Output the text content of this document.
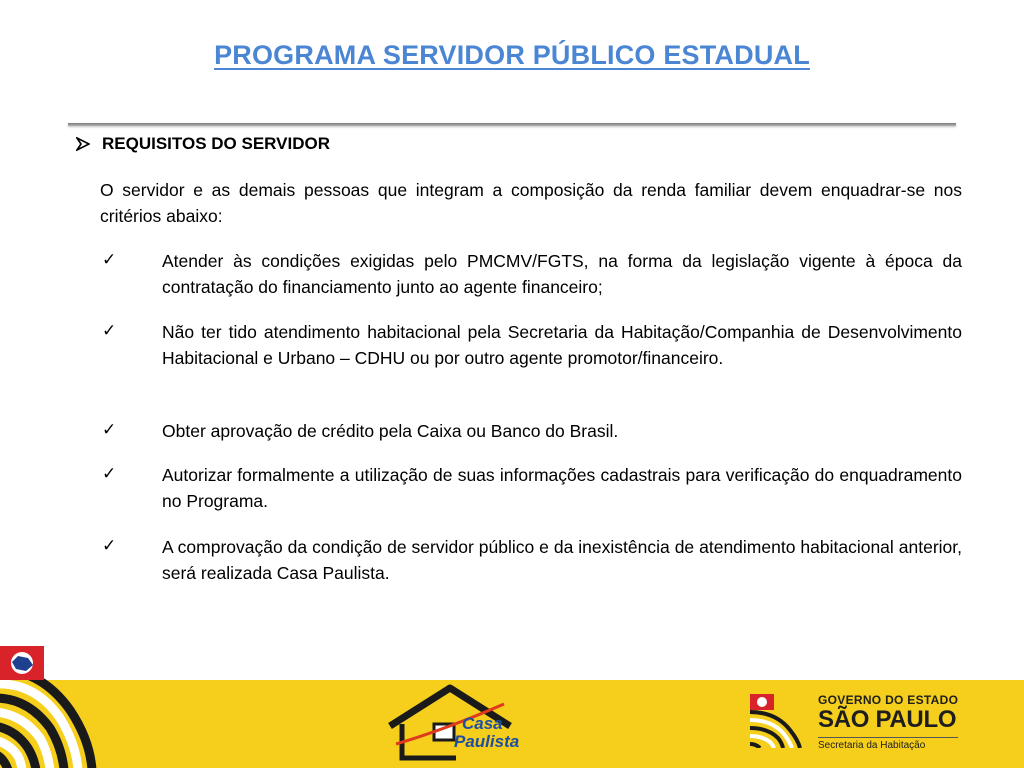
PROGRAMA SERVIDOR PÚBLICO ESTADUAL
REQUISITOS DO SERVIDOR
O servidor e as demais pessoas que integram a composição da renda familiar devem enquadrar-se nos critérios abaixo:
✓	Atender às condições exigidas pelo PMCMV/FGTS, na forma da legislação vigente à época da contratação do financiamento junto ao agente financeiro;
✓	Não ter tido atendimento habitacional pela Secretaria da Habitação/Companhia de Desenvolvimento Habitacional e Urbano – CDHU ou por outro agente promotor/financeiro.
✓	Obter aprovação de crédito pela Caixa ou Banco do Brasil.
✓	Autorizar formalmente a utilização de suas informações cadastrais para verificação do enquadramento no Programa.
✓	A comprovação da condição de servidor público e da inexistência de atendimento habitacional anterior, será realizada Casa Paulista.
Casa
Paulista
GOVERNO DO ESTADO
SÃO PAULO
Secretaria da Habitação
